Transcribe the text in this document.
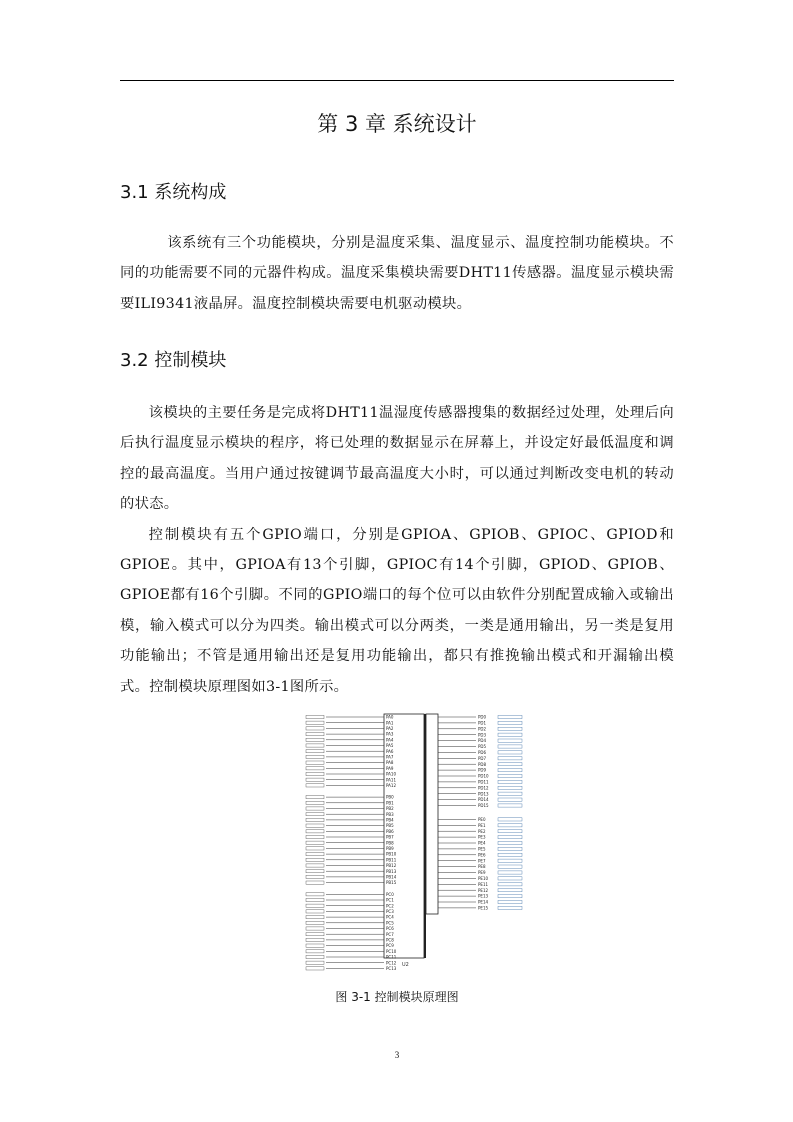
第 3 章 系统设计
3.1 系统构成

该系统有三个功能模块，分别是温度采集、温度显示、温度控制功能模块。不同的功能需要不同的元器件构成。温度采集模块需要DHT11传感器。温度显示模块需要ILI9341液晶屏。温度控制模块需要电机驱动模块。

3.2 控制模块

该模块的主要任务是完成将DHT11温湿度传感器搜集的数据经过处理，处理后向后执行温度显示模块的程序，将已处理的数据显示在屏幕上，并设定好最低温度和调控的最高温度。当用户通过按键调节最高温度大小时，可以通过判断改变电机的转动的状态。

控制模块有五个GPIO端口，分别是GPIOA、GPIOB、GPIOC、GPIOD和GPIOE。其中，GPIOA有13个引脚，GPIOC有14个引脚，GPIOD、GPIOB、GPIOE都有16个引脚。不同的GPIO端口的每个位可以由软件分别配置成输入或输出模，输入模式可以分为四类。输出模式可以分两类，一类是通用输出，另一类是复用功能输出；不管是通用输出还是复用功能输出，都只有推挽输出模式和开漏输出模式。控制模块原理图如3-1图所示。

PA0
PA1
PA2
PA3
PA4
PA5
PA6
PA7
PA8
PA9
PA10
PA11
PA12
PB0
PB1
PB2
PB3
PB4
PB5
PB6
PB7
PB8
PB9
PB10
PB11
PB12
PB13
PB14
PB15
PC0
PC1
PC2
PC3
PC4
PC5
PC6
PC7
PC8
PC9
PC10
PC11
PC12
PC13
PD0
PD1
PD2
PD3
PD4
PD5
PD6
PD7
PD8
PD9
PD10
PD11
PD12
PD13
PD14
PD15
PE0
PE1
PE2
PE3
PE4
PE5
PE6
PE7
PE8
PE9
PE10
PE11
PE12
PE13
PE14
PE15
U2
图 3-1 控制模块原理图
3
